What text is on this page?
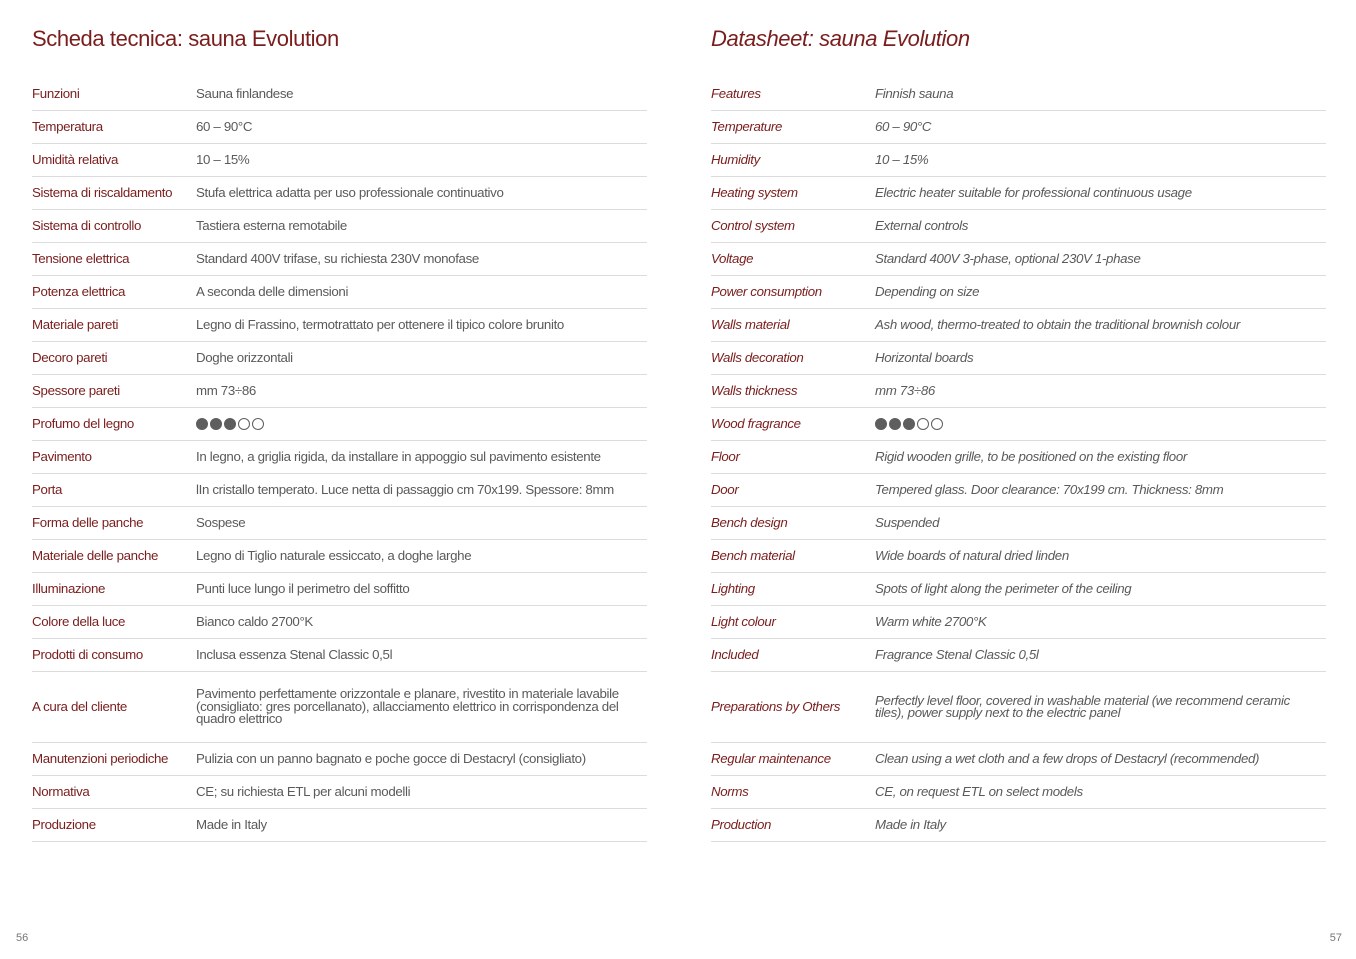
Scheda tecnica: sauna Evolution
Funzioni	Sauna finlandese
Temperatura	60 – 90°C
Umidità relativa	10 – 15%
Sistema di riscaldamento	Stufa elettrica adatta per uso professionale continuativo
Sistema di controllo	Tastiera esterna remotabile
Tensione elettrica	Standard 400V trifase, su richiesta 230V monofase
Potenza elettrica	A seconda delle dimensioni
Materiale pareti	Legno di Frassino, termotrattato per ottenere il tipico colore brunito
Decoro pareti	Doghe orizzontali
Spessore pareti	mm 73÷86
Profumo del legno	

Pavimento	In legno, a griglia rigida, da installare in appoggio sul pavimento esistente
Porta	lIn cristallo temperato. Luce netta di passaggio cm 70x199. Spessore: 8mm
Forma delle panche	Sospese
Materiale delle panche	Legno di Tiglio naturale essiccato, a doghe larghe
Illuminazione	Punti luce lungo il perimetro del soffitto
Colore della luce	Bianco caldo 2700°K
Prodotti di consumo	Inclusa essenza Stenal Classic 0,5l
A cura del cliente	Pavimento perfettamente orizzontale e planare, rivestito in materiale lavabile (consigliato: gres porcellanato), allacciamento elettrico in corrispondenza del quadro elettrico
Manutenzioni periodiche	Pulizia con un panno bagnato e poche gocce di Destacryl (consigliato)
Normativa	CE; su richiesta ETL per alcuni modelli
Produzione	Made in Italy
56
Datasheet: sauna Evolution
Features	Finnish sauna
Temperature	60 – 90°C
Humidity	10 – 15%
Heating system	Electric heater suitable for professional continuous usage
Control system	External controls
Voltage	Standard 400V 3-phase, optional 230V 1-phase
Power consumption	Depending on size
Walls material	Ash wood, thermo-treated to obtain the traditional brownish colour
Walls decoration	Horizontal boards
Walls thickness	mm 73÷86
Wood fragrance	

Floor	Rigid wooden grille, to be positioned on the existing floor
Door	Tempered glass. Door clearance: 70x199 cm. Thickness: 8mm
Bench design	Suspended
Bench material	Wide boards of natural dried linden
Lighting	Spots of light along the perimeter of the ceiling
Light colour	Warm white 2700°K
Included	Fragrance Stenal Classic 0,5l
Preparations by Others	Perfectly level floor, covered in washable material (we recommend ceramic tiles), power supply next to the electric panel
Regular maintenance	Clean using a wet cloth and a few drops of Destacryl (recommended)
Norms	CE, on request ETL on select models
Production	Made in Italy
57
